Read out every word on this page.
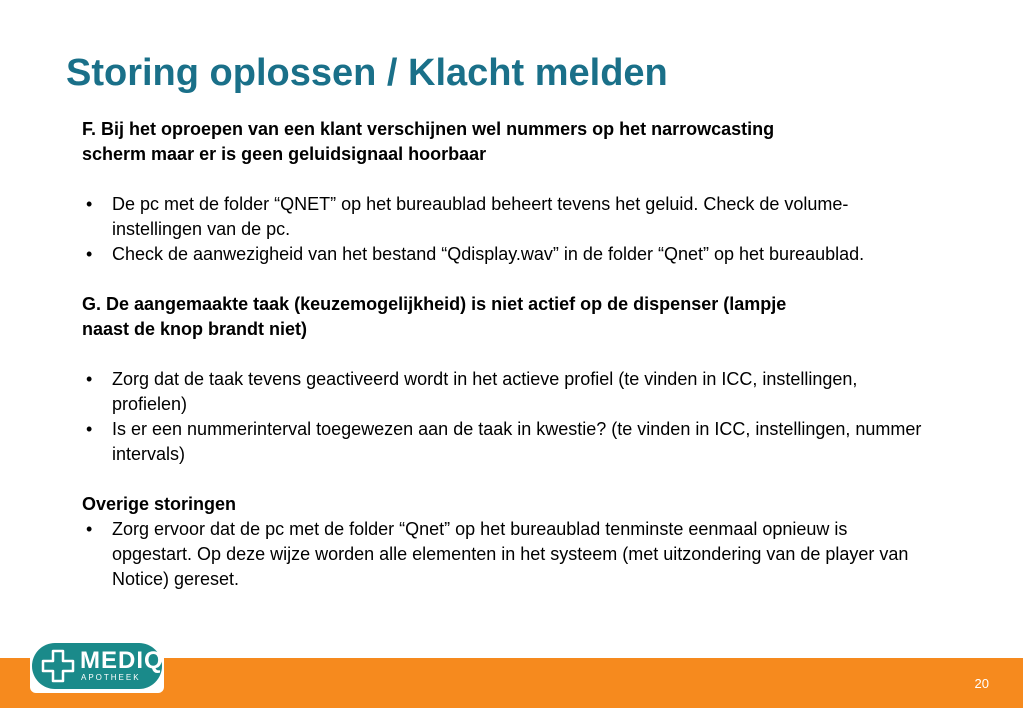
Storing oplossen / Klacht melden

F. Bij het oproepen van een klant verschijnen wel nummers op het narrowcasting
scherm maar er is geen geluidsignaal hoorbaar

• De pc met de folder “QNET” op het bureaublad beheert tevens het geluid. Check de volume-instellingen van de pc.
• Check de aanwezigheid van het bestand “Qdisplay.wav” in de folder “Qnet” op het bureaublad.

G. De aangemaakte taak (keuzemogelijkheid) is niet actief op de dispenser (lampje
naast de knop brandt niet)

• Zorg dat de taak tevens geactiveerd wordt in het actieve profiel (te vinden in ICC, instellingen, profielen)
• Is er een nummerinterval toegewezen aan de taak in kwestie? (te vinden in ICC, instellingen, nummer intervals)

Overige storingen

• Zorg ervoor dat de pc met de folder “Qnet” op het bureaublad tenminste eenmaal opnieuw is opgestart. Op deze wijze worden alle elementen in het systeem (met uitzondering van de player van Notice) gereset.
MEDIQ
APOTHEEK	20
